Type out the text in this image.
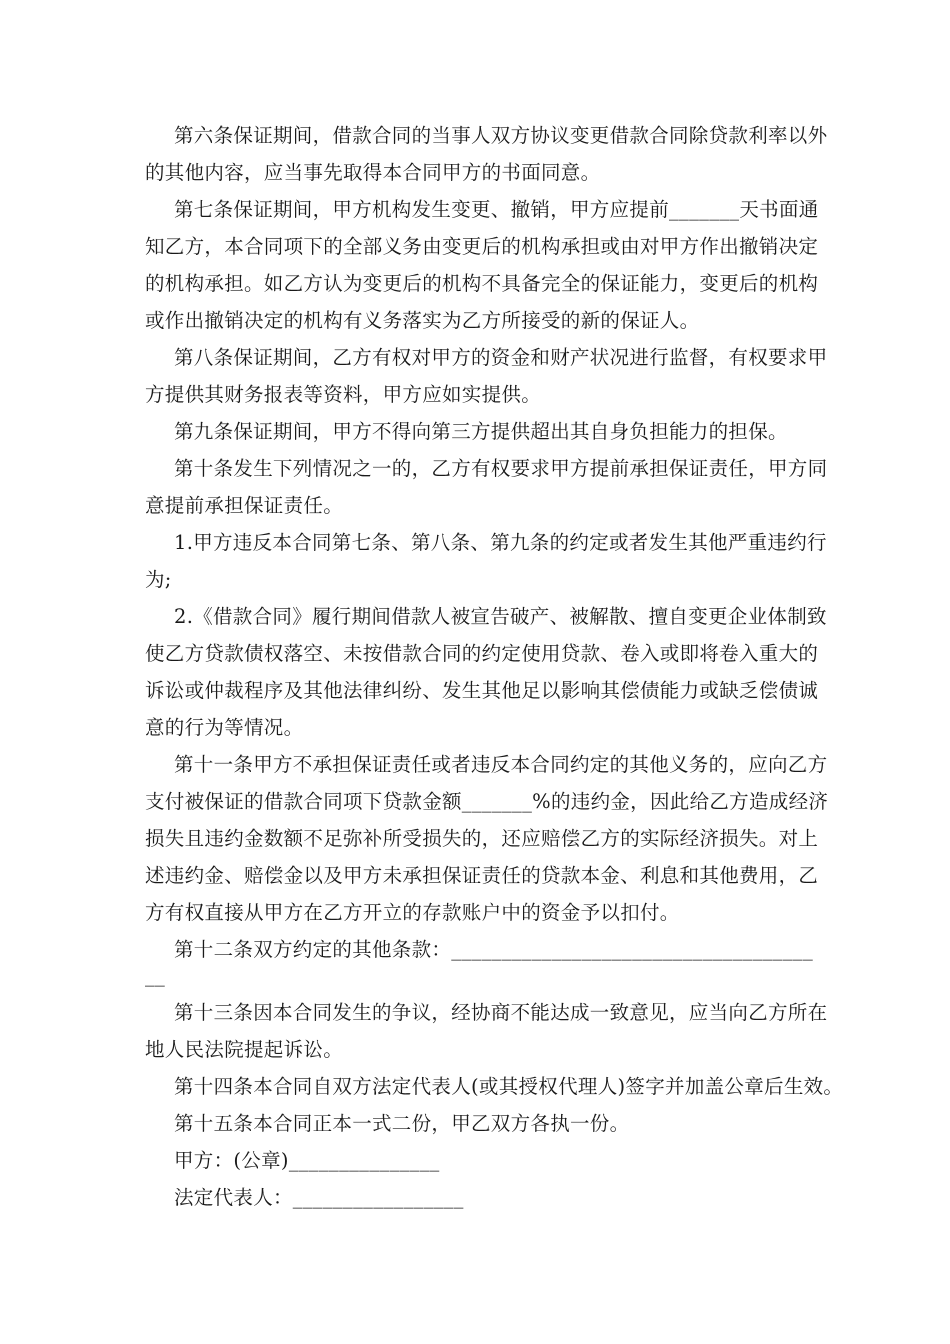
第六条保证期间，借款合同的当事人双方协议变更借款合同除贷款利率以外
的其他内容，应当事先取得本合同甲方的书面同意。
第七条保证期间，甲方机构发生变更、撤销，甲方应提前_______天书面通
知乙方，本合同项下的全部义务由变更后的机构承担或由对甲方作出撤销决定
的机构承担。如乙方认为变更后的机构不具备完全的保证能力，变更后的机构
或作出撤销决定的机构有义务落实为乙方所接受的新的保证人。
第八条保证期间，乙方有权对甲方的资金和财产状况进行监督，有权要求甲
方提供其财务报表等资料，甲方应如实提供。
第九条保证期间，甲方不得向第三方提供超出其自身负担能力的担保。
第十条发生下列情况之一的，乙方有权要求甲方提前承担保证责任，甲方同
意提前承担保证责任。
1.甲方违反本合同第七条、第八条、第九条的约定或者发生其他严重违约行
为;
2.《借款合同》履行期间借款人被宣告破产、被解散、擅自变更企业体制致
使乙方贷款债权落空、未按借款合同的约定使用贷款、卷入或即将卷入重大的
诉讼或仲裁程序及其他法律纠纷、发生其他足以影响其偿债能力或缺乏偿债诚
意的行为等情况。
第十一条甲方不承担保证责任或者违反本合同约定的其他义务的，应向乙方
支付被保证的借款合同项下贷款金额_______%的违约金，因此给乙方造成经济
损失且违约金数额不足弥补所受损失的，还应赔偿乙方的实际经济损失。对上
述违约金、赔偿金以及甲方未承担保证责任的贷款本金、利息和其他费用，乙
方有权直接从甲方在乙方开立的存款账户中的资金予以扣付。
第十二条双方约定的其他条款：____________________________________
__
第十三条因本合同发生的争议，经协商不能达成一致意见，应当向乙方所在
地人民法院提起诉讼。
第十四条本合同自双方法定代表人(或其授权代理人)签字并加盖公章后生效。
第十五条本合同正本一式二份，甲乙双方各执一份。
甲方：(公章)_______________
法定代表人：_________________
